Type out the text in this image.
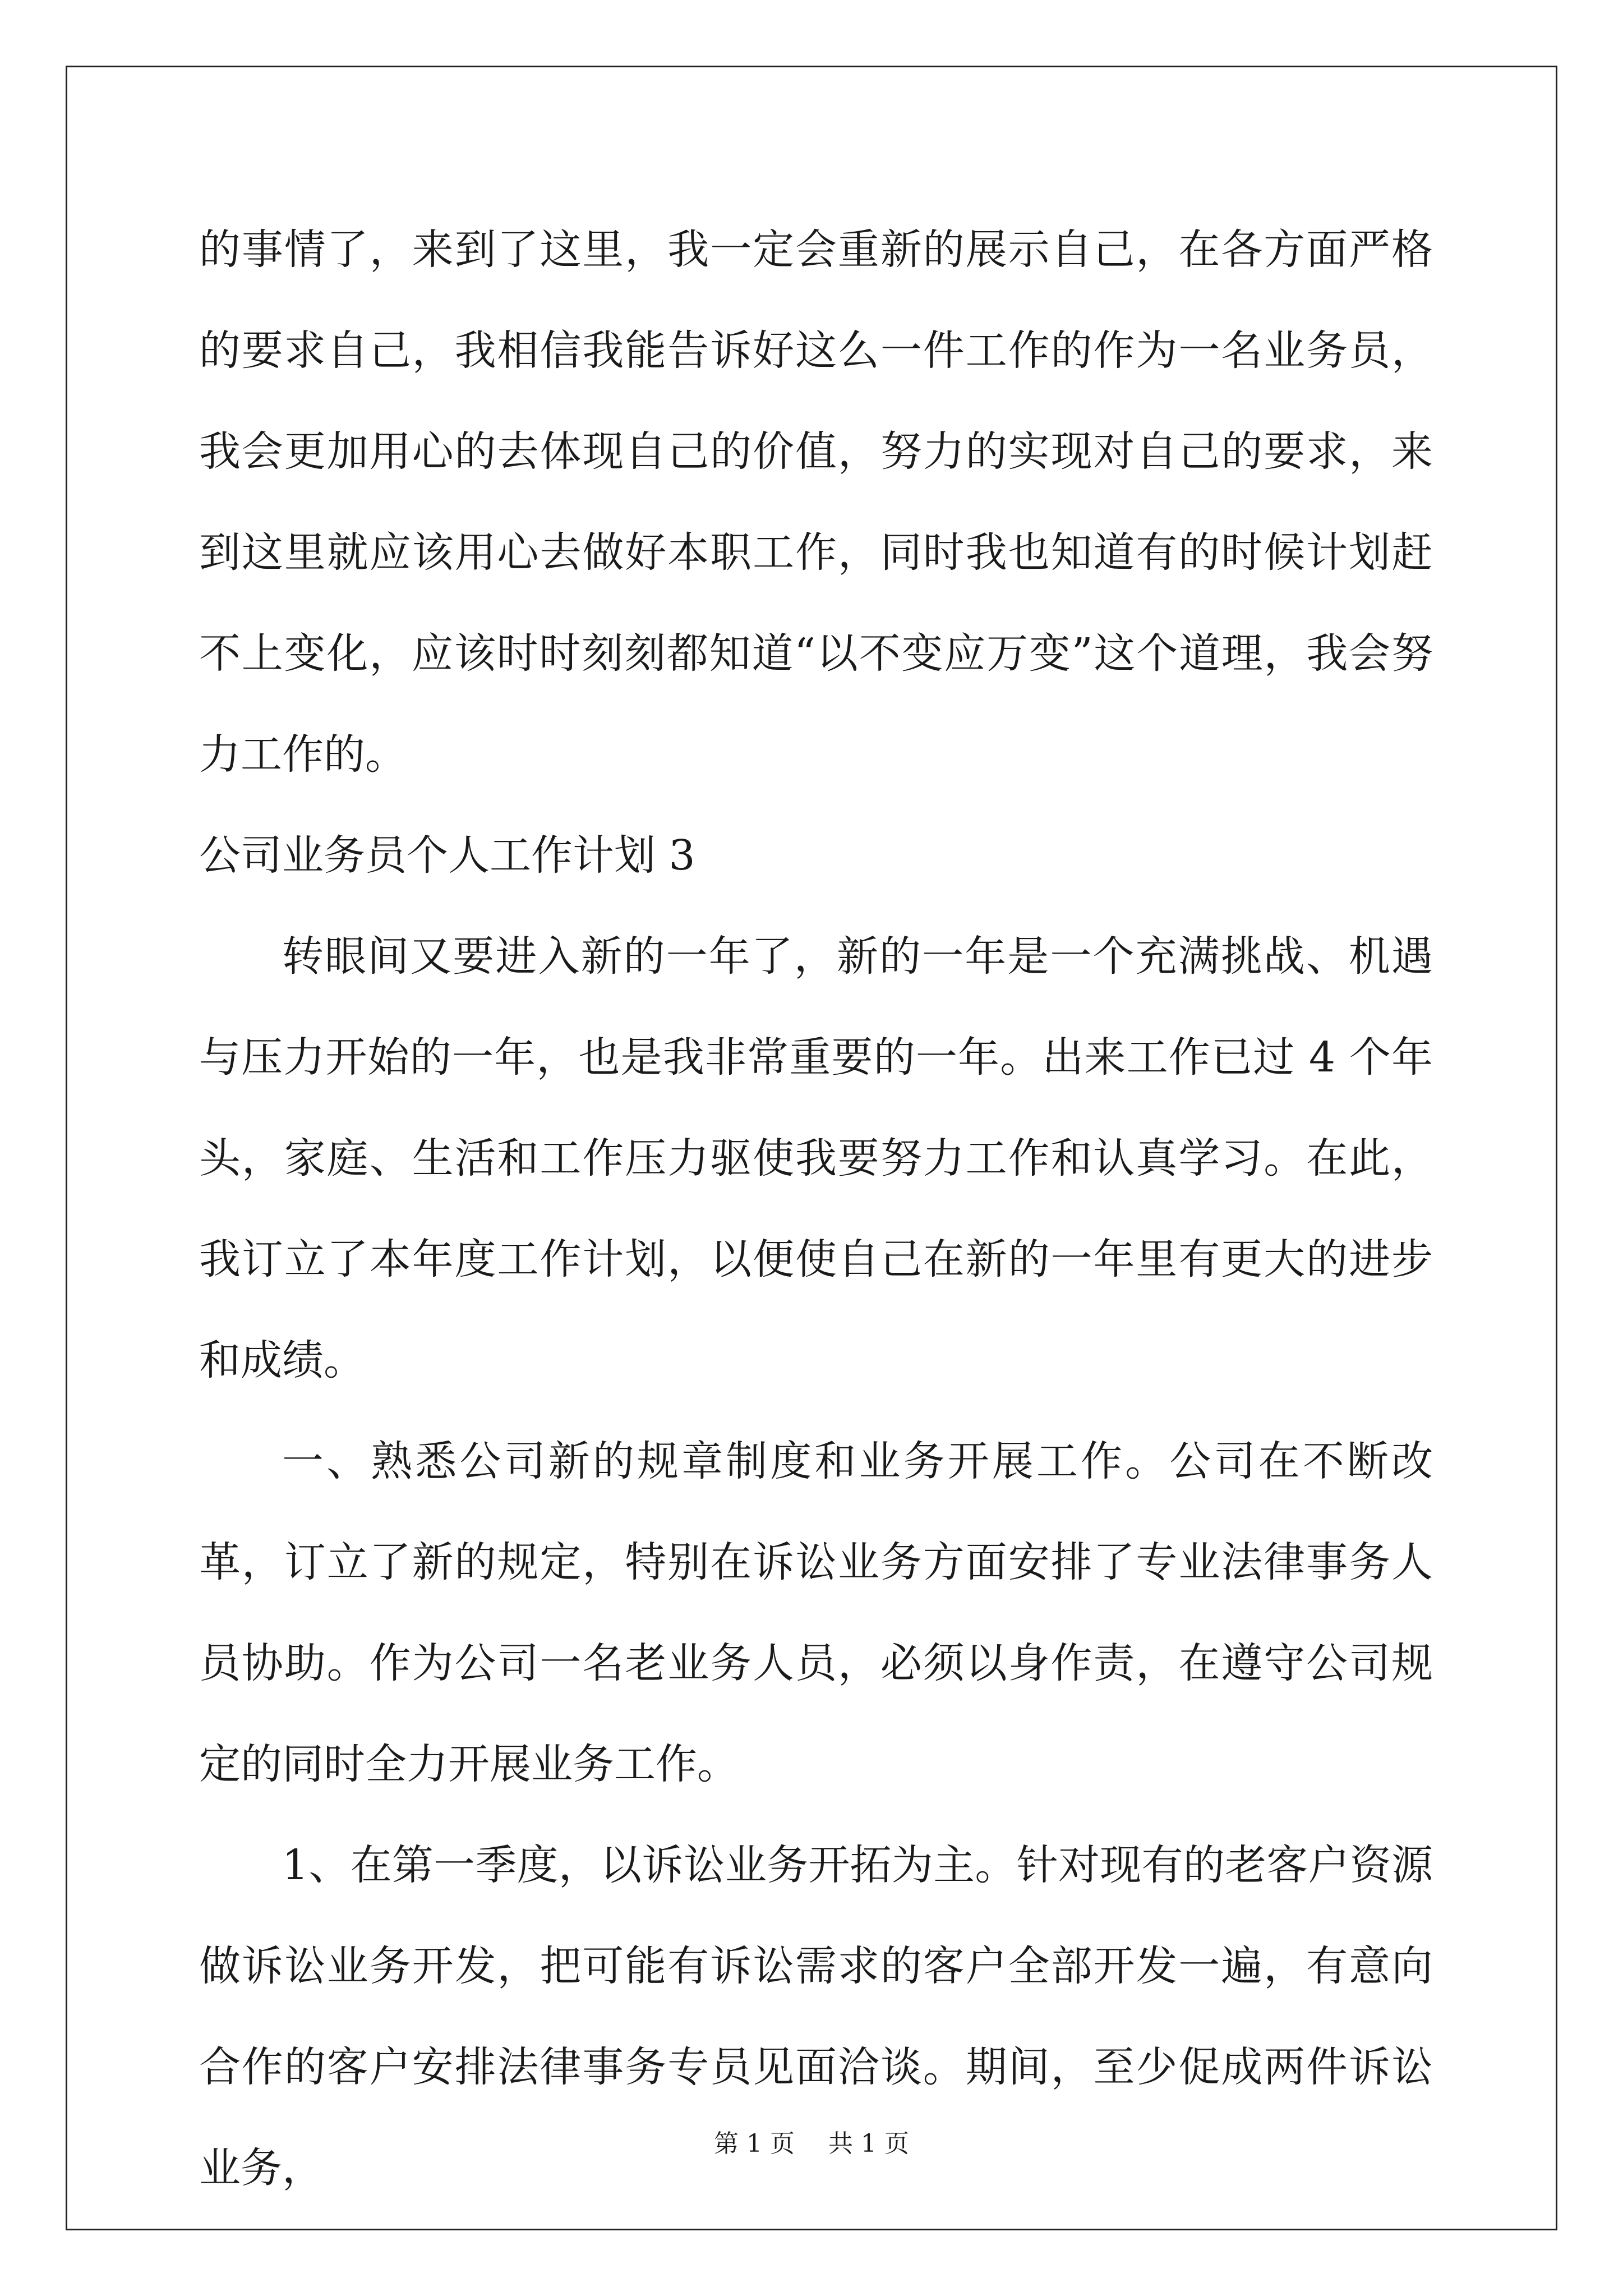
的事情了，来到了这里，我一定会重新的展示自己，在各方面严格的要求自己，我相信我能告诉好这么一件工作的作为一名业务员，我会更加用心的去体现自己的价值，努力的实现对自己的要求，来到这里就应该用心去做好本职工作，同时我也知道有的时候计划赶不上变化，应该时时刻刻都知道“以不变应万变”这个道理，我会努力工作的。

公司业务员个人工作计划 3

转眼间又要进入新的一年了，新的一年是一个充满挑战、机遇与压力开始的一年，也是我非常重要的一年。出来工作已过 4 个年头，家庭、生活和工作压力驱使我要努力工作和认真学习。在此，我订立了本年度工作计划，以便使自己在新的一年里有更大的进步和成绩。

一、熟悉公司新的规章制度和业务开展工作。公司在不断改革，订立了新的规定，特别在诉讼业务方面安排了专业法律事务人员协助。作为公司一名老业务人员，必须以身作责，在遵守公司规定的同时全力开展业务工作。

1、在第一季度，以诉讼业务开拓为主。针对现有的老客户资源做诉讼业务开发，把可能有诉讼需求的客户全部开发一遍，有意向合作的客户安排法律事务专员见面洽谈。期间，至少促成两件诉讼业务，

第 1 页 共 1 页
